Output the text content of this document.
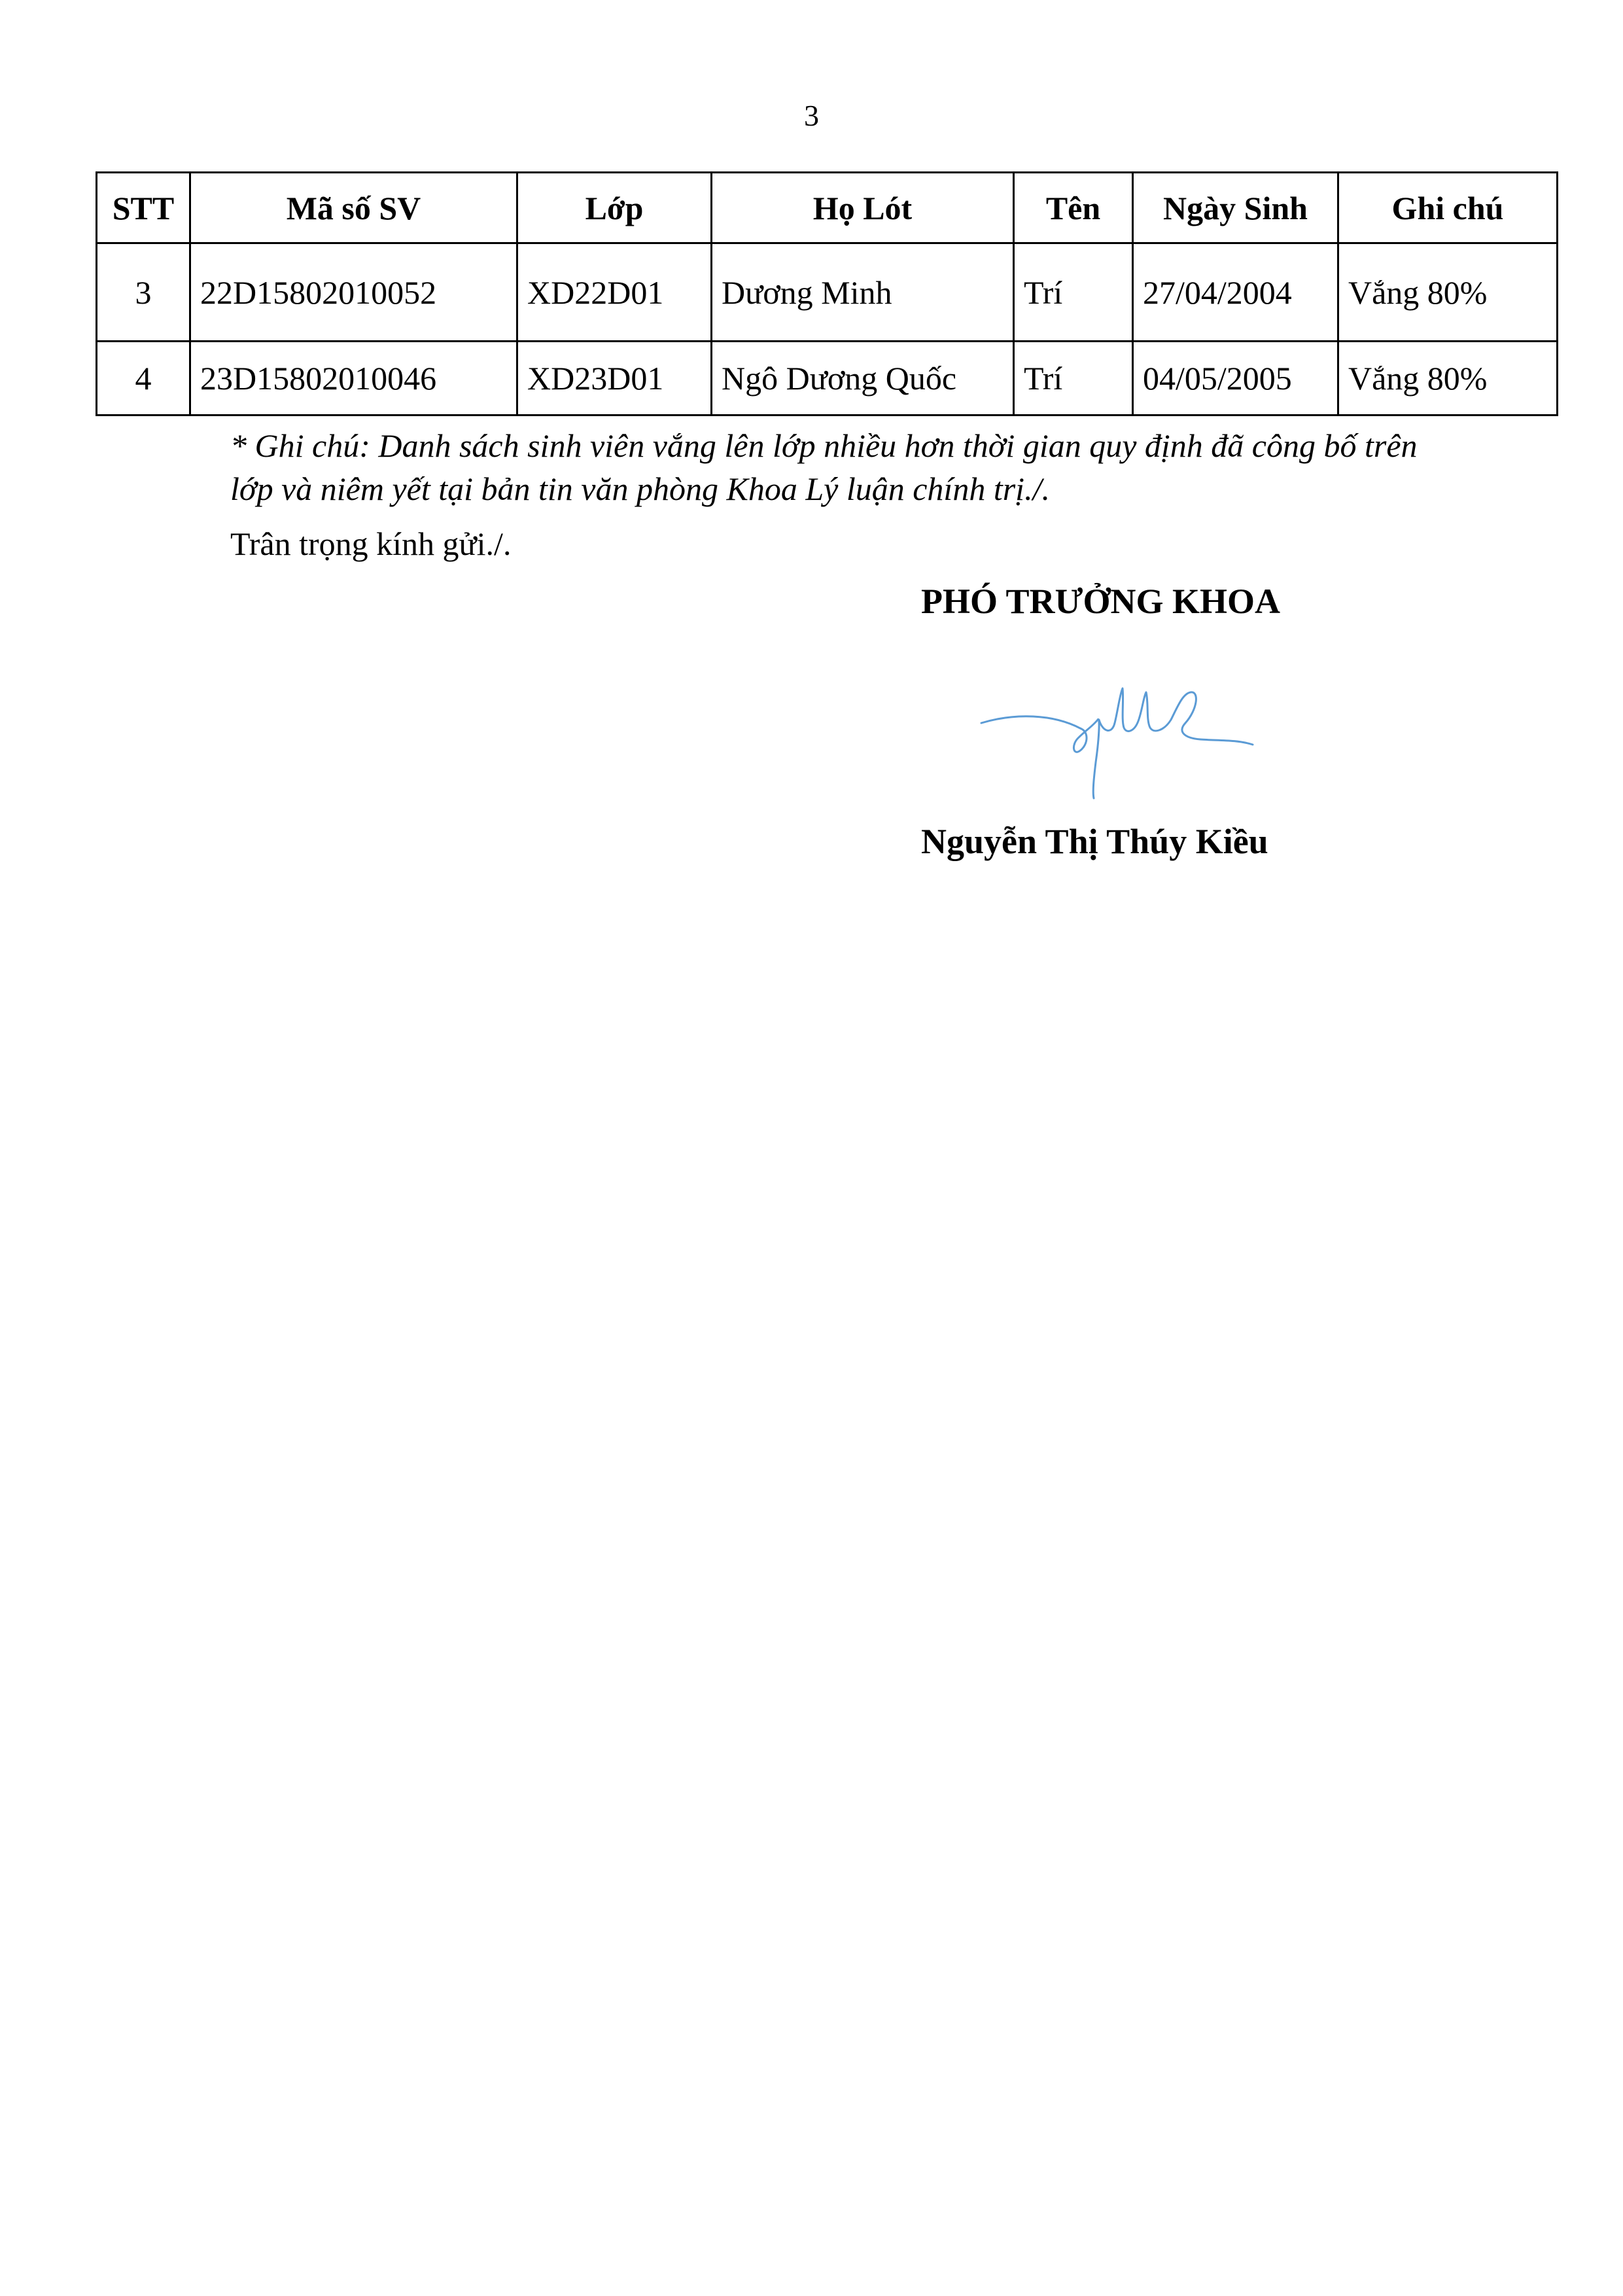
3
STT	Mã số SV	Lớp	Họ Lót	Tên	Ngày Sinh	Ghi chú
3	22D15802010052	XD22D01	Dương Minh	Trí	27/04/2004	Vắng 80%
4	23D15802010046	XD23D01	Ngô Dương Quốc	Trí	04/05/2005	Vắng 80%
* Ghi chú: Danh sách sinh viên vắng lên lớp nhiều hơn thời gian quy định đã công bố trên
lớp và niêm yết tại bản tin văn phòng Khoa Lý luận chính trị./.
Trân trọng kính gửi./.
PHÓ TRƯỞNG KHOA
Nguyễn Thị Thúy Kiều
